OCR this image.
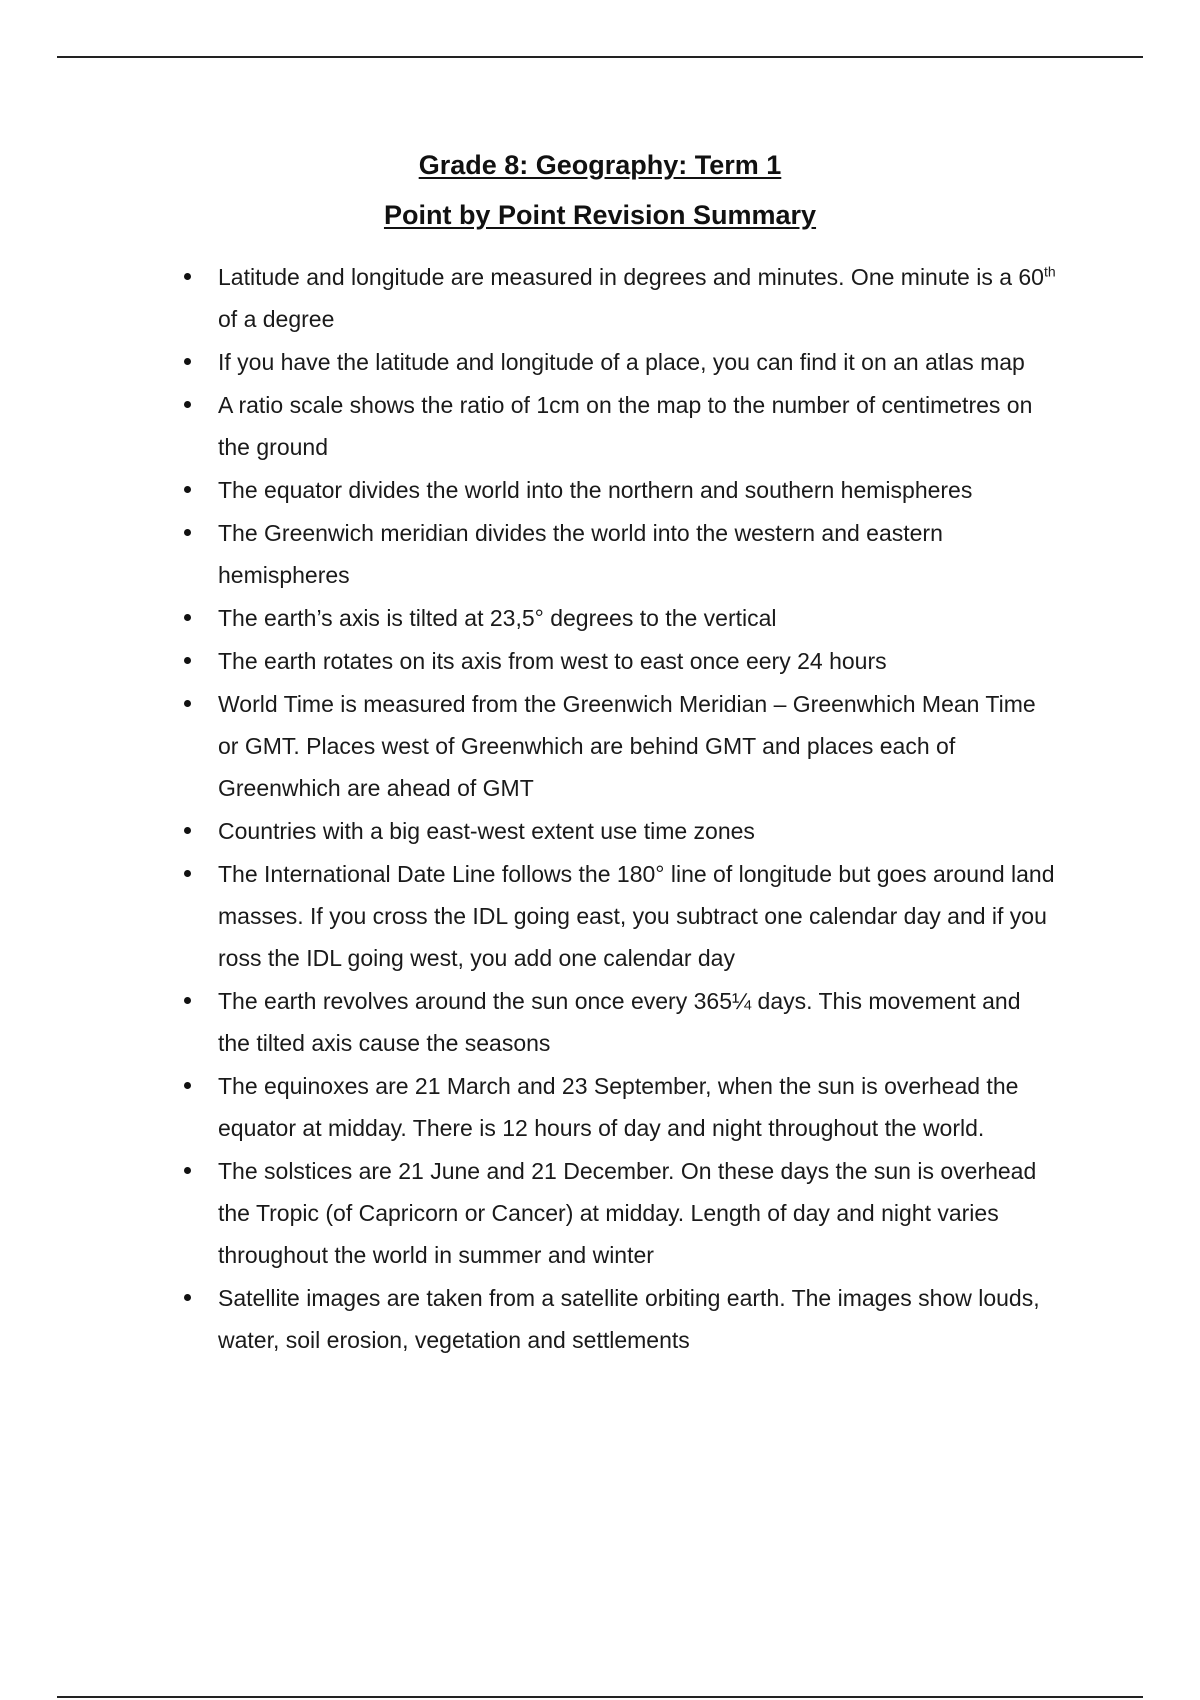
Grade 8: Geography: Term 1
Point by Point Revision Summary
Latitude and longitude are measured in degrees and minutes. One minute is a 60th of a degree
If you have the latitude and longitude of a place, you can find it on an atlas map
A ratio scale shows the ratio of 1cm on the map to the number of centimetres on the ground
The equator divides the world into the northern and southern hemispheres
The Greenwich meridian divides the world into the western and eastern hemispheres
The earth’s axis is tilted at 23,5° degrees to the vertical
The earth rotates on its axis from west to east once eery 24 hours
World Time is measured from the Greenwich Meridian – Greenwhich Mean Time or GMT. Places west of Greenwhich are behind GMT and places each of Greenwhich are ahead of GMT
Countries with a big east-west extent use time zones
The International Date Line follows the 180° line of longitude but goes around land masses. If you cross the IDL going east, you subtract one calendar day and if you ross the IDL going west, you add one calendar day
The earth revolves around the sun once every 365¼ days. This movement and the tilted axis cause the seasons
The equinoxes are 21 March and 23 September, when the sun is overhead the equator at midday. There is 12 hours of day and night throughout the world.
The solstices are 21 June and 21 December. On these days the sun is overhead the Tropic (of Capricorn or Cancer) at midday. Length of day and night varies throughout the world in summer and winter
Satellite images are taken from a satellite orbiting earth. The images show louds, water, soil erosion, vegetation and settlements
